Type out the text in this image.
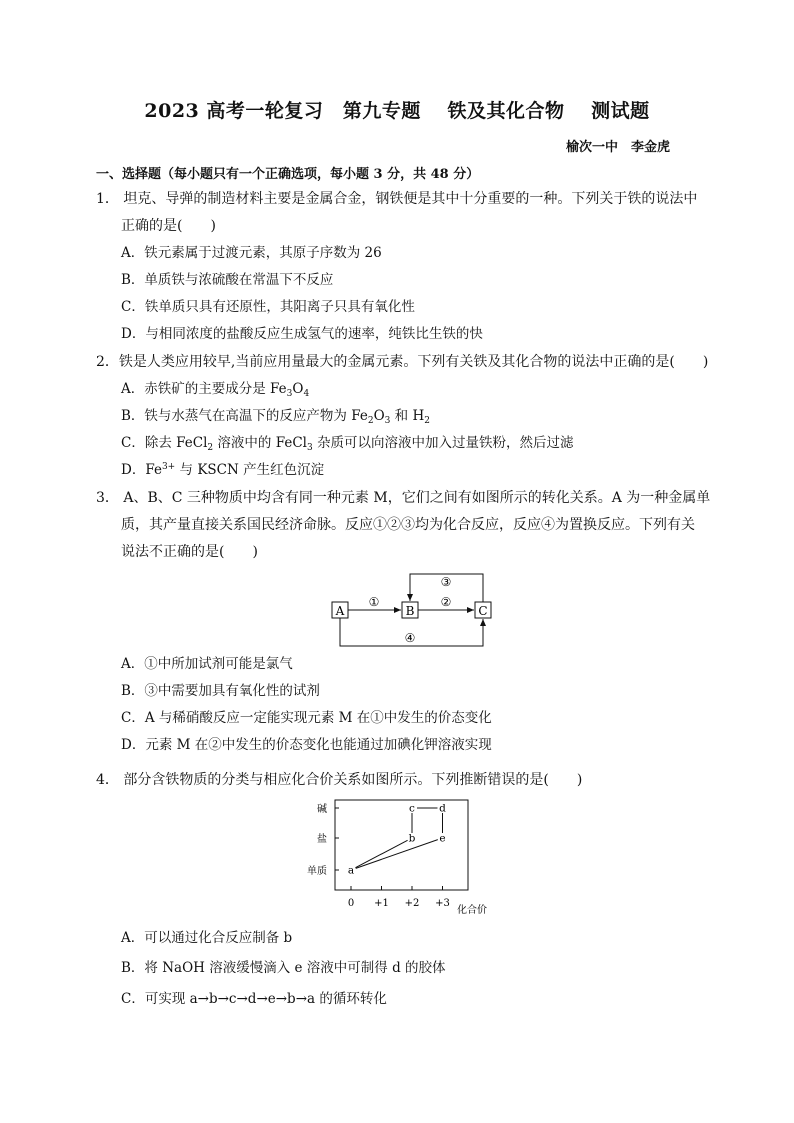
2023 高考一轮复习　第九专题　 铁及其化合物　 测试题
榆次一中　李金虎
一、选择题（每小题只有一个正确选项，每小题 3 分，共 48 分）
1． 坦克、导弹的制造材料主要是金属合金，钢铁便是其中十分重要的一种。下列关于铁的说法中
正确的是(　　)
A．铁元素属于过渡元素，其原子序数为 26
B．单质铁与浓硫酸在常温下不反应
C．铁单质只具有还原性，其阳离子只具有氧化性
D．与相同浓度的盐酸反应生成氢气的速率，纯铁比生铁的快
2．铁是人类应用较早,当前应用量最大的金属元素。下列有关铁及其化合物的说法中正确的是(　　)
A．赤铁矿的主要成分是 $Fe_3O_4$
B．铁与水蒸气在高温下的反应产物为 $Fe_2O_3$ 和 $H_2$
C．除去 FeCl$_2$ 溶液中的 FeCl$_3$ 杂质可以向溶液中加入过量铁粉，然后过滤
D．$Fe^{3+}$ 与 KSCN 产生红色沉淀
3． A、B、C 三种物质中均含有同一种元素 M，它们之间有如图所示的转化关系。A 为一种金属单
质，其产量直接关系国民经济命脉。反应①②③均为化合反应，反应④为置换反应。下列有关
说法不正确的是(　　)
A	B	C
①	②
③
④
A．①中所加试剂可能是氯气
B．③中需要加具有氧化性的试剂
C．A 与稀硝酸反应一定能实现元素 M 在①中发生的价态变化
D．元素 M 在②中发生的价态变化也能通过加碘化钾溶液实现
4． 部分含铁物质的分类与相应化合价关系如图所示。下列推断错误的是(　　)
单质
盐
碱
0 +1 +2 +3
a
b
c d
e
化合价
A．可以通过化合反应制备 b
B．将 NaOH 溶液缓慢滴入 e 溶液中可制得 d 的胶体
C．可实现 a→b→c→d→e→b→a 的循环转化
